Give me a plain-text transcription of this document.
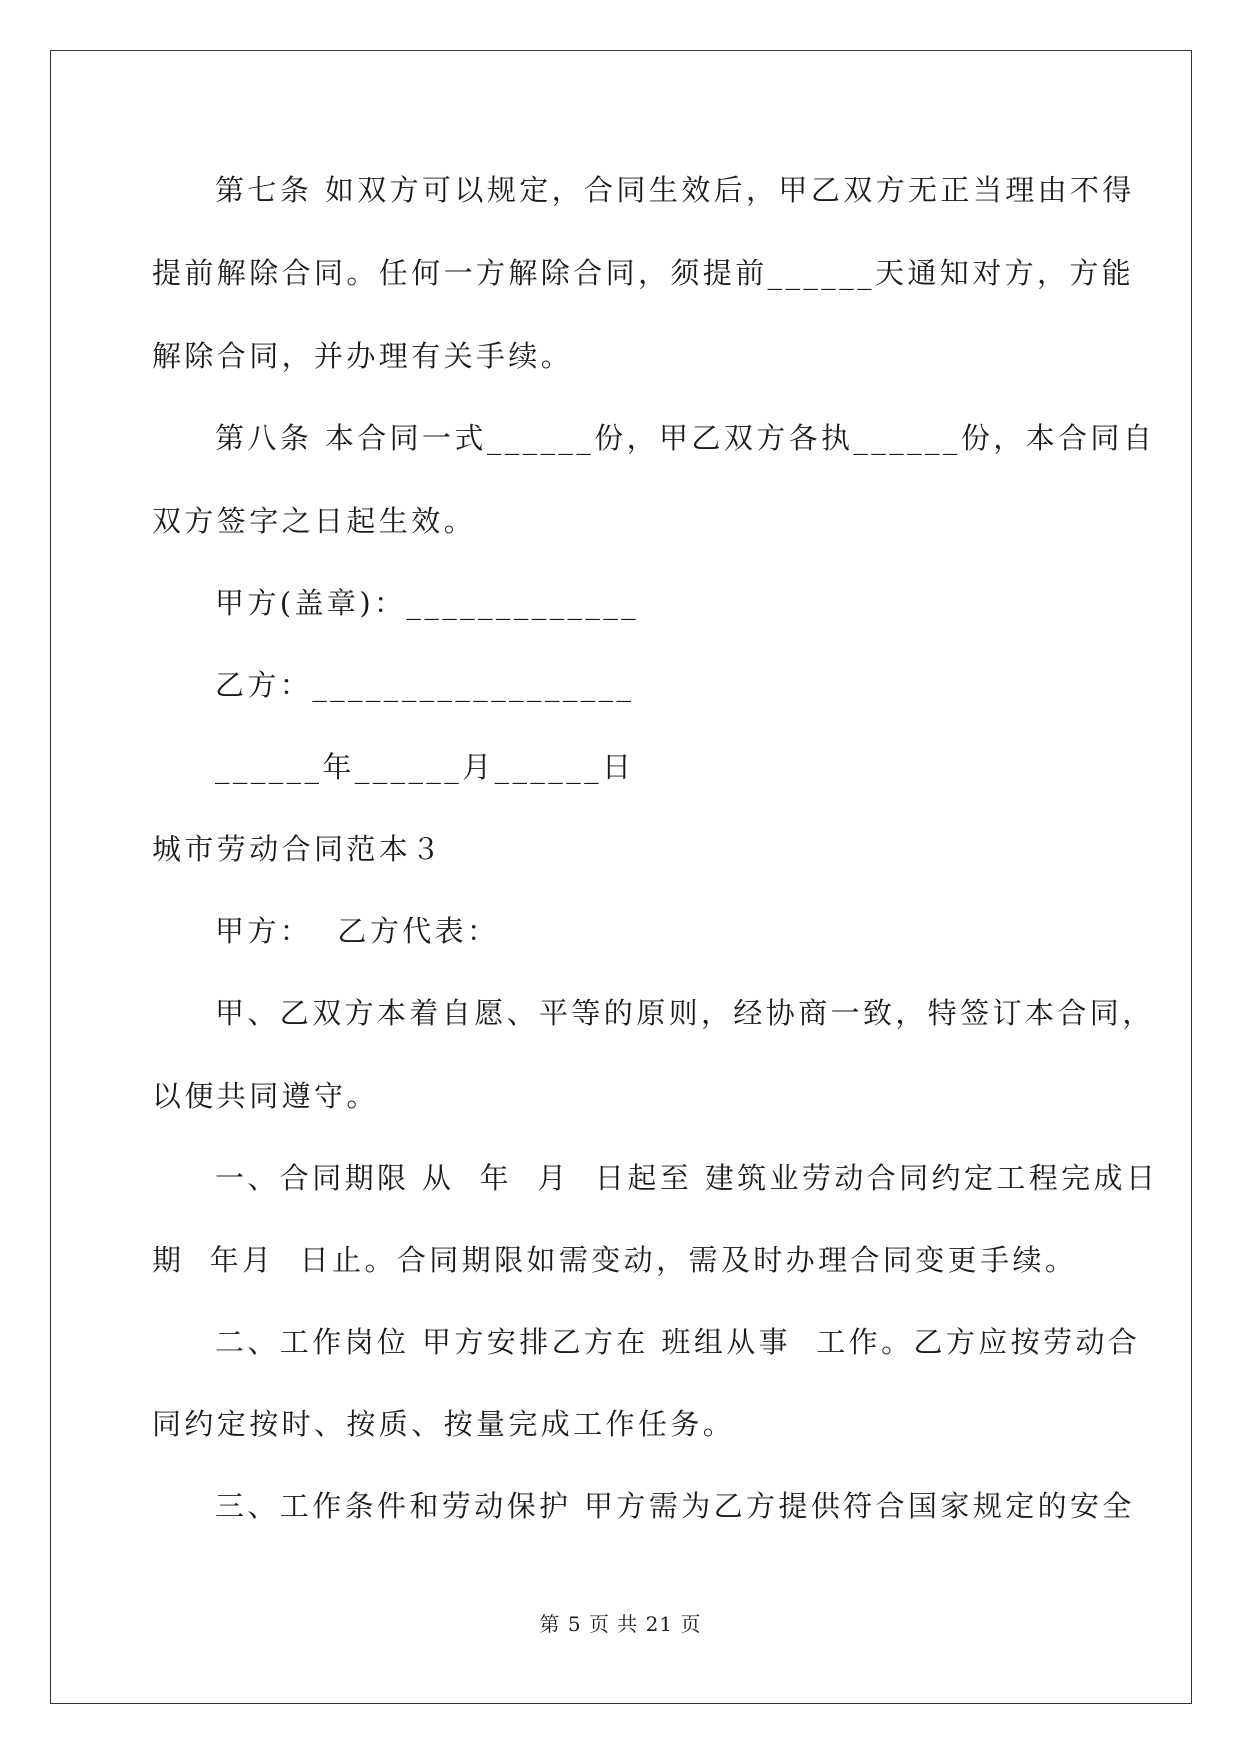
第七条 如双方可以规定，合同生效后，甲乙双方无正当理由不得
提前解除合同。任何一方解除合同，须提前______天通知对方，方能
解除合同，并办理有关手续。
第八条 本合同一式______份，甲乙双方各执______份，本合同自
双方签字之日起生效。
甲方(盖章)：_____________
乙方：__________________
______年______月______日
城市劳动合同范本３
甲方：  乙方代表：
甲、乙双方本着自愿、平等的原则，经协商一致，特签订本合同，
以便共同遵守。
一、合同期限 从  年  月  日起至 建筑业劳动合同约定工程完成日
期  年月  日止。合同期限如需变动，需及时办理合同变更手续。
二、工作岗位 甲方安排乙方在 班组从事  工作。乙方应按劳动合
同约定按时、按质、按量完成工作任务。
三、工作条件和劳动保护 甲方需为乙方提供符合国家规定的安全
第 5 页 共 21 页
